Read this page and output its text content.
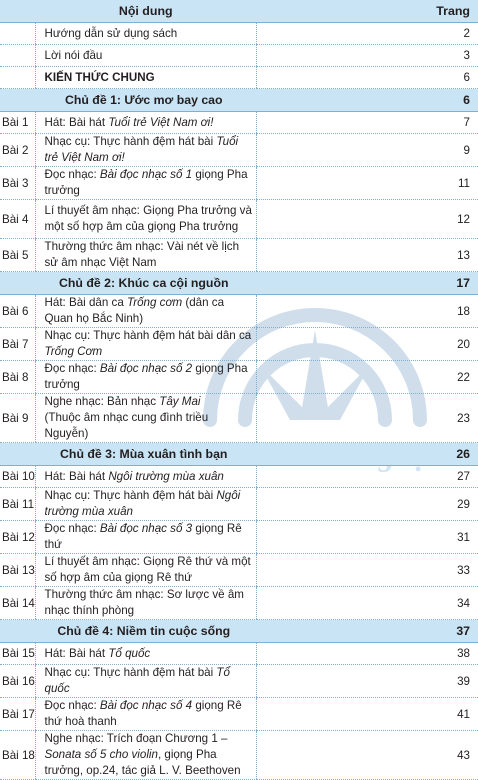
	Nội dung	Trang
	Hướng dẫn sử dụng sách	2
	Lời nói đầu	3
	KIẾN THỨC CHUNG	6
Chủ đề 1: Ước mơ bay cao		6
Bài 1	Hát: Bài hát Tuổi trẻ Việt Nam ơi!	7
Bài 2	Nhạc cụ: Thực hành đệm hát bài Tuổi trẻ Việt Nam ơi!	9
Bài 3	Đọc nhạc: Bài đọc nhạc số 1 giọng Pha trưởng	11
Bài 4	Lí thuyết âm nhạc: Giọng Pha trưởng và một số hợp âm của giọng Pha trưởng	12
Bài 5	Thường thức âm nhạc: Vài nét về lịch sử âm nhạc Việt Nam	13
Chủ đề 2: Khúc ca cội nguồn		17
Bài 6	Hát: Bài dân ca Trống cơm (dân ca Quan họ Bắc Ninh)	18
Bài 7	Nhạc cụ: Thực hành đệm hát bài dân ca Trống Cơm	20
Bài 8	Đọc nhạc: Bài đọc nhạc số 2 giọng Pha trưởng	22
Bài 9	Nghe nhạc: Bản nhạc Tây Mai
(Thuộc âm nhạc cung đình triều Nguyễn)	23
Chủ đề 3: Mùa xuân tình bạn		26
Bài 10	Hát: Bài hát Ngôi trường mùa xuân	27
Bài 11	Nhạc cụ: Thực hành đệm hát bài Ngôi trường mùa xuân	29
Bài 12	Đọc nhạc: Bài đọc nhạc số 3 giọng Rê thứ	31
Bài 13	Lí thuyết âm nhạc: Giọng Rê thứ và một số hợp âm của giọng Rê thứ	33
Bài 14	Thường thức âm nhạc: Sơ lược về âm nhạc thính phòng	34
Chủ đề 4: Niềm tin cuộc sống		37
Bài 15	Hát: Bài hát Tổ quốc	38
Bài 16	Nhạc cụ: Thực hành đệm hát bài Tổ quốc	39
Bài 17	Đọc nhạc: Bài đọc nhạc số 4 giọng Rê thứ hoà thanh	41
Bài 18	Nghe nhạc: Trích đoạn Chương 1 – Sonata số 5 cho violin, giọng Pha trưởng, op.24, tác giả L. V. Beethoven	43
